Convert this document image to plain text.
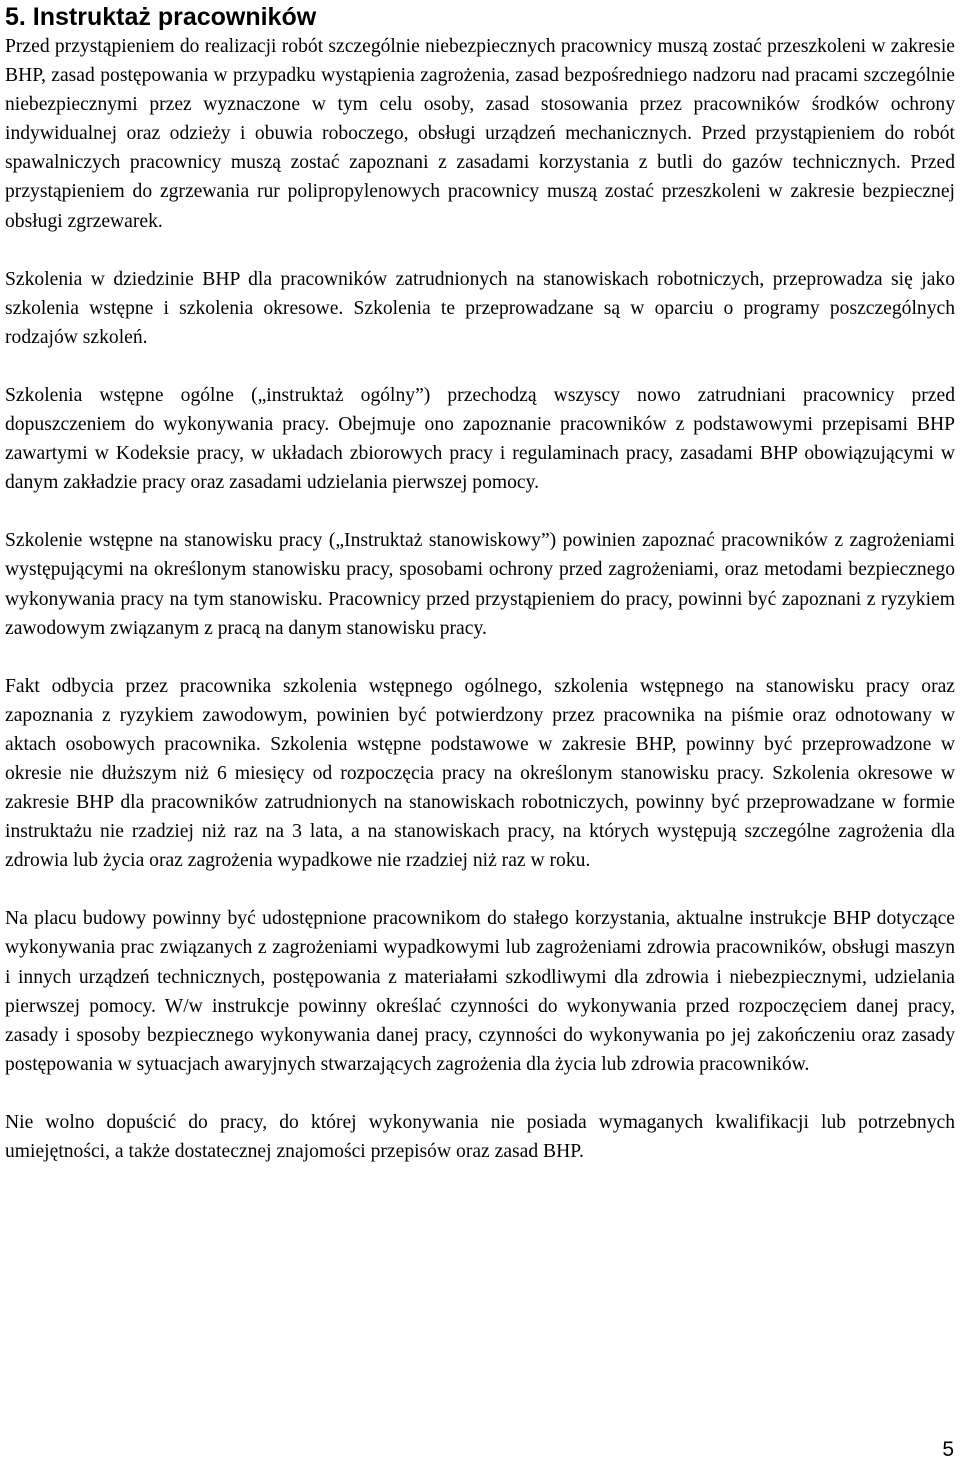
5. Instruktaż pracowników

Przed przystąpieniem do realizacji robót szczególnie niebezpiecznych pracownicy muszą zostać przeszkoleni w zakresie BHP, zasad postępowania w przypadku wystąpienia zagrożenia, zasad bezpośredniego nadzoru nad pracami szczególnie niebezpiecznymi przez wyznaczone w tym celu osoby, zasad stosowania przez pracowników środków ochrony indywidualnej oraz odzieży i obuwia roboczego, obsługi urządzeń mechanicznych. Przed przystąpieniem do robót spawalniczych pracownicy muszą zostać zapoznani z zasadami korzystania z butli do gazów technicznych. Przed przystąpieniem do zgrzewania rur polipropylenowych pracownicy muszą zostać przeszkoleni w zakresie bezpiecznej obsługi zgrzewarek.

Szkolenia w dziedzinie BHP dla pracowników zatrudnionych na stanowiskach robotniczych, przeprowadza się jako szkolenia wstępne i szkolenia okresowe. Szkolenia te przeprowadzane są w oparciu o programy poszczególnych rodzajów szkoleń.

Szkolenia wstępne ogólne („instruktaż ogólny”) przechodzą wszyscy nowo zatrudniani pracownicy przed dopuszczeniem do wykonywania pracy. Obejmuje ono zapoznanie pracowników z podstawowymi przepisami BHP zawartymi w Kodeksie pracy, w układach zbiorowych pracy i regulaminach pracy, zasadami BHP obowiązującymi w danym zakładzie pracy oraz zasadami udzielania pierwszej pomocy.

Szkolenie wstępne na stanowisku pracy („Instruktaż stanowiskowy”) powinien zapoznać pracowników z zagrożeniami występującymi na określonym stanowisku pracy, sposobami ochrony przed zagrożeniami, oraz metodami bezpiecznego wykonywania pracy na tym stanowisku. Pracownicy przed przystąpieniem do pracy, powinni być zapoznani z ryzykiem zawodowym związanym z pracą na danym stanowisku pracy.

Fakt odbycia przez pracownika szkolenia wstępnego ogólnego, szkolenia wstępnego na stanowisku pracy oraz zapoznania z ryzykiem zawodowym, powinien być potwierdzony przez pracownika na piśmie oraz odnotowany w aktach osobowych pracownika. Szkolenia wstępne podstawowe w zakresie BHP, powinny być przeprowadzone w okresie nie dłuższym niż 6 miesięcy od rozpoczęcia pracy na określonym stanowisku pracy. Szkolenia okresowe w zakresie BHP dla pracowników zatrudnionych na stanowiskach robotniczych, powinny być przeprowadzane w formie instruktażu nie rzadziej niż raz na 3 lata, a na stanowiskach pracy, na których występują szczególne zagrożenia dla zdrowia lub życia oraz zagrożenia wypadkowe nie rzadziej niż raz w roku.

Na placu budowy powinny być udostępnione pracownikom do stałego korzystania, aktualne instrukcje BHP dotyczące wykonywania prac związanych z zagrożeniami wypadkowymi lub zagrożeniami zdrowia pracowników, obsługi maszyn i innych urządzeń technicznych, postępowania z materiałami szkodliwymi dla zdrowia i niebezpiecznymi, udzielania pierwszej pomocy. W/w instrukcje powinny określać czynności do wykonywania przed rozpoczęciem danej pracy, zasady i sposoby bezpiecznego wykonywania danej pracy, czynności do wykonywania po jej zakończeniu oraz zasady postępowania w sytuacjach awaryjnych stwarzających zagrożenia dla życia lub zdrowia pracowników.

Nie wolno dopuścić do pracy, do której wykonywania nie posiada wymaganych kwalifikacji lub potrzebnych umiejętności, a także dostatecznej znajomości przepisów oraz zasad BHP.

5
